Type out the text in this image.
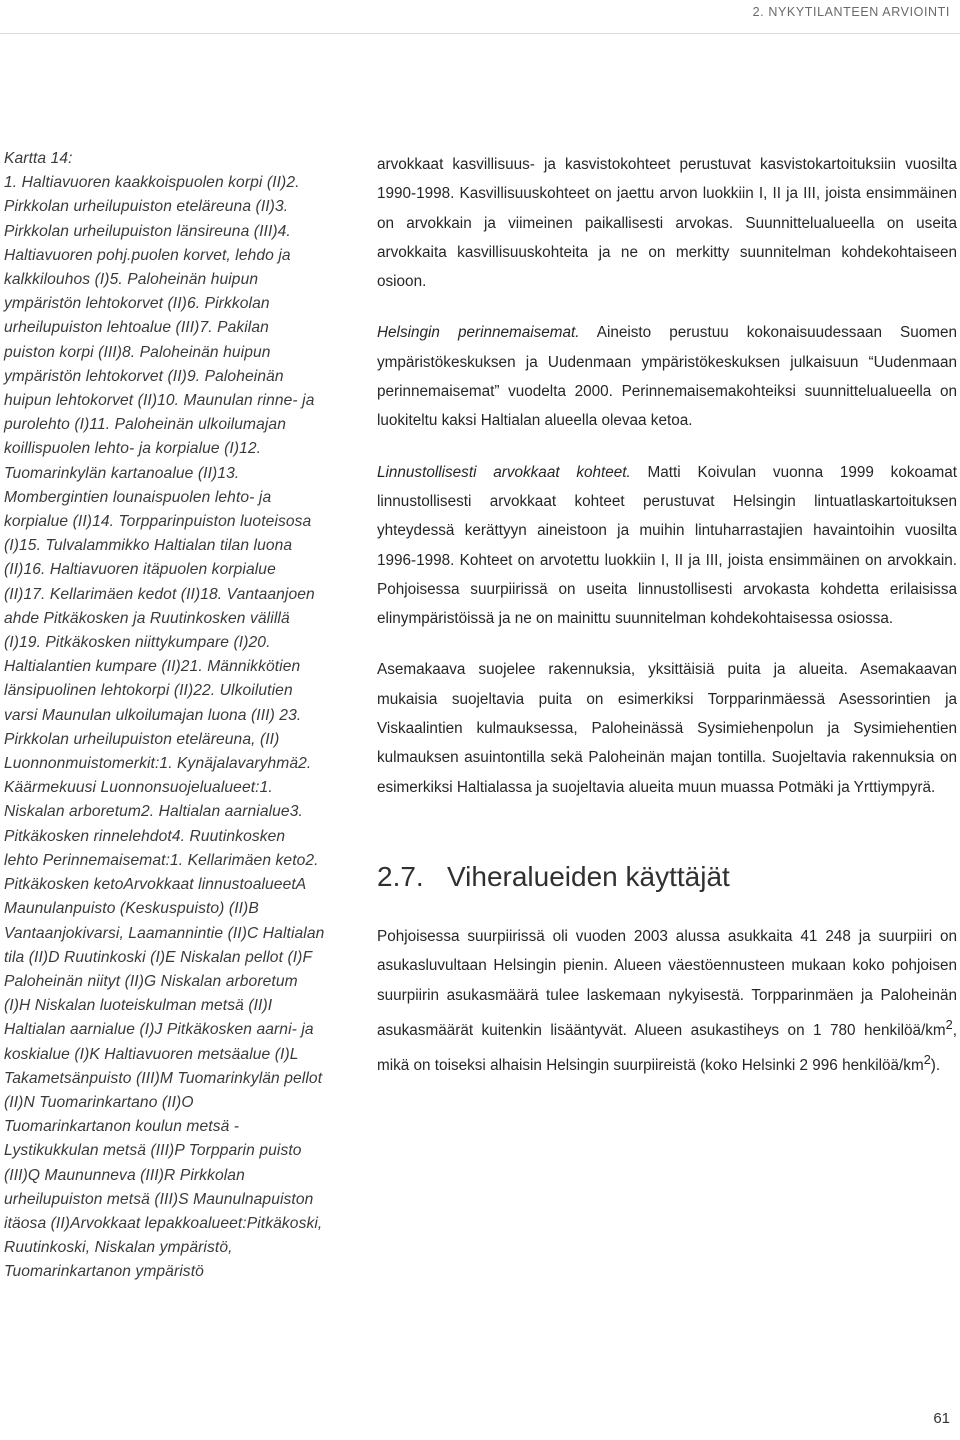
2. NYKYTILANTEEN ARVIOINTI
Kartta 14:
1. Haltiavuoren kaakkoispuolen korpi (II)2.
Pirkkolan urheilupuiston eteläreuna (II)3.
Pirkkolan urheilupuiston länsireuna (III)4.
Haltiavuoren pohj.puolen korvet, lehdo ja
kalkkilouhos (I)5. Paloheinän huipun
ympäristön lehtokorvet (II)6. Pirkkolan
urheilupuiston lehtoalue (III)7. Pakilan
puiston korpi (III)8. Paloheinän huipun
ympäristön lehtokorvet (II)9. Paloheinän
huipun lehtokorvet (II)10. Maunulan rinne- ja
purolehto (I)11. Paloheinän ulkoilumajan
koillispuolen lehto- ja korpialue (I)12.
Tuomarinkylän kartanoalue (II)13.
Mombergintien lounaispuolen lehto- ja
korpialue (II)14. Torpparinpuiston luoteisosa
(I)15. Tulvalammikko Haltialan tilan luona
(II)16. Haltiavuoren itäpuolen korpialue
(II)17. Kellarimäen kedot (II)18. Vantaanjoen
ahde Pitkäkosken ja Ruutinkosken välillä
(I)19. Pitkäkosken niittykumpare (I)20.
Haltialantien kumpare (II)21. Männikkötien
länsipuolinen lehtokorpi (II)22. Ulkoilutien
varsi Maunulan ulkoilumajan luona (III) 23.
Pirkkolan urheilupuiston eteläreuna, (II)
Luonnonmuistomerkit:1. Kynäjalavaryhmä2.
Käärmekuusi Luonnonsuojelualueet:1.
Niskalan arboretum2. Haltialan aarnialue3.
Pitkäkosken rinnelehdot4. Ruutinkosken
lehto Perinnemaisemat:1. Kellarimäen keto2.
Pitkäkosken ketoArvokkaat linnustoalueetA
Maunulanpuisto (Keskuspuisto) (II)B
Vantaanjokivarsi, Laamannintie (II)C Haltialan
tila (II)D Ruutinkoski (I)E Niskalan pellot (I)F
Paloheinän niityt (II)G Niskalan arboretum
(I)H Niskalan luoteiskulman metsä (II)I
Haltialan aarnialue (I)J Pitkäkosken aarni- ja
koskialue (I)K Haltiavuoren metsäalue (I)L
Takametsänpuisto (III)M Tuomarinkylän pellot
(II)N Tuomarinkartano (II)O
Tuomarinkartanon koulun metsä -
Lystikukkulan metsä (III)P Torpparin puisto
(III)Q Maununneva (III)R Pirkkolan
urheilupuiston metsä (III)S Maunulnapuiston
itäosa (II)Arvokkaat lepakkoalueet:Pitkäkoski,
Ruutinkoski, Niskalan ympäristö,
Tuomarinkartanon ympäristö

arvokkaat kasvillisuus- ja kasvistokohteet perustuvat kasvistokartoituksiin vuosilta 1990-1998. Kasvillisuuskohteet on jaettu arvon luokkiin I, II ja III, joista ensimmäinen on arvokkain ja viimeinen paikallisesti arvokas. Suunnittelualueella on useita arvokkaita kasvillisuuskohteita ja ne on merkitty suunnitelman kohdekohtaiseen osioon.

Helsingin perinnemaisemat. Aineisto perustuu kokonaisuudessaan Suomen ympäristökeskuksen ja Uudenmaan ympäristökeskuksen julkaisuun “Uudenmaan perinnemaisemat” vuodelta 2000. Perinnemaisemakohteiksi suunnittelualueella on luokiteltu kaksi Haltialan alueella olevaa ketoa.

Linnustollisesti arvokkaat kohteet. Matti Koivulan vuonna 1999 kokoamat linnustollisesti arvokkaat kohteet perustuvat Helsingin lintuatlaskartoituksen yhteydessä kerättyyn aineistoon ja muihin lintuharrastajien havaintoihin vuosilta 1996-1998. Kohteet on arvotettu luokkiin I, II ja III, joista ensimmäinen on arvokkain. Pohjoisessa suurpiirissä on useita linnustollisesti arvokasta kohdetta erilaisissa elinympäristöissä ja ne on mainittu suunnitelman kohdekohtaisessa osiossa.

Asemakaava suojelee rakennuksia, yksittäisiä puita ja alueita. Asemakaavan mukaisia suojeltavia puita on esimerkiksi Torpparinmäessä Asessorintien ja Viskaalintien kulmauksessa, Paloheinässä Sysimiehenpolun ja Sysimiehentien kulmauksen asuintontilla sekä Paloheinän majan tontilla. Suojeltavia rakennuksia on esimerkiksi Haltialassa ja suojeltavia alueita muun muassa Potmäki ja Yrttiympyrä.

2.7. Viheralueiden käyttäjät

Pohjoisessa suurpiirissä oli vuoden 2003 alussa asukkaita 41 248 ja suurpiiri on asukasluvultaan Helsingin pienin. Alueen väestöennusteen mukaan koko pohjoisen suurpiirin asukasmäärä tulee laskemaan nykyisestä. Torpparinmäen ja Paloheinän asukasmäärät kuitenkin lisääntyvät. Alueen asukastiheys on 1 780 henkilöä/$km^2$, mikä on toiseksi alhaisin Helsingin suurpiireistä (koko Helsinki 2 996 henkilöä/$km^2$).

61
